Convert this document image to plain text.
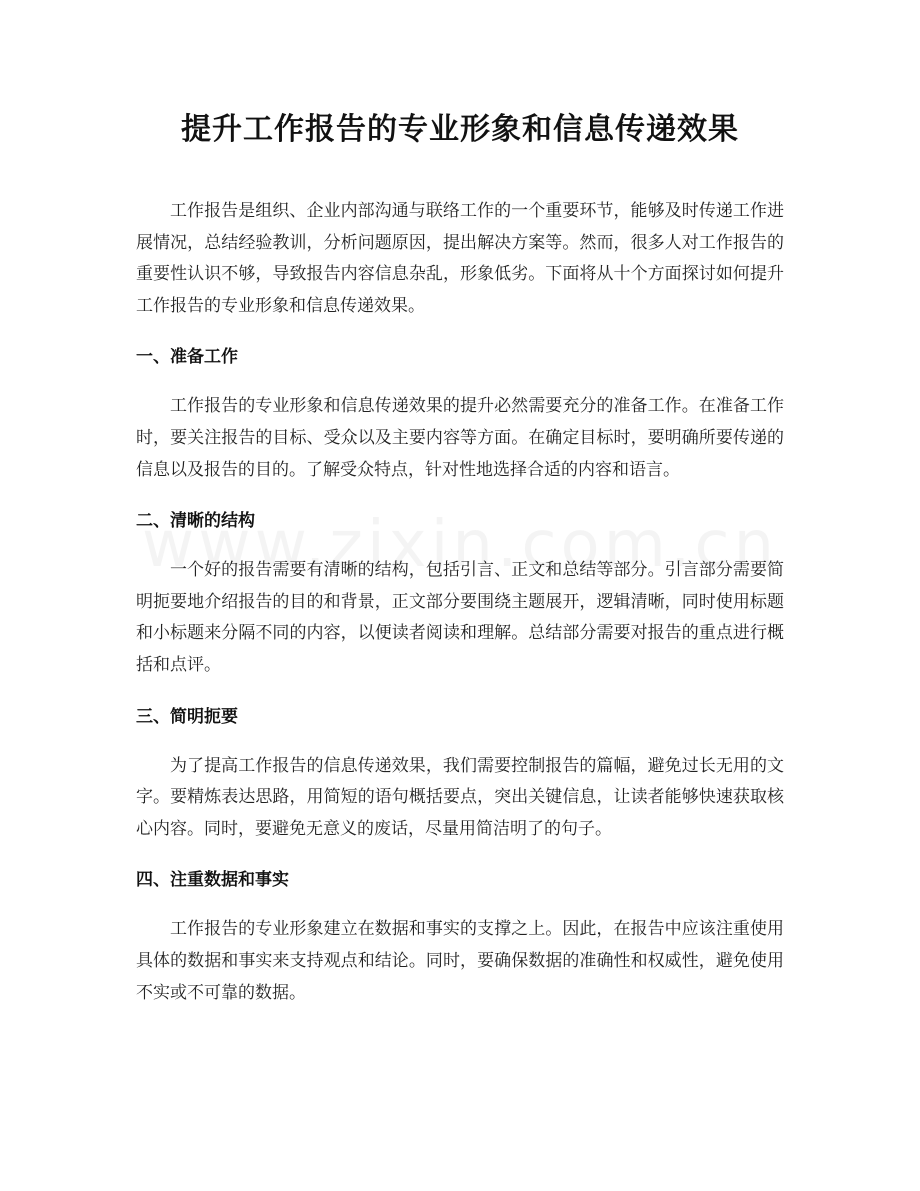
提升工作报告的专业形象和信息传递效果

工作报告是组织、企业内部沟通与联络工作的一个重要环节，能够及时传递工作进展情况，总结经验教训，分析问题原因，提出解决方案等。然而，很多人对工作报告的重要性认识不够，导致报告内容信息杂乱，形象低劣。下面将从十个方面探讨如何提升工作报告的专业形象和信息传递效果。

一、准备工作

工作报告的专业形象和信息传递效果的提升必然需要充分的准备工作。在准备工作时，要关注报告的目标、受众以及主要内容等方面。在确定目标时，要明确所要传递的信息以及报告的目的。了解受众特点，针对性地选择合适的内容和语言。

二、清晰的结构

一个好的报告需要有清晰的结构，包括引言、正文和总结等部分。引言部分需要简明扼要地介绍报告的目的和背景，正文部分要围绕主题展开，逻辑清晰，同时使用标题和小标题来分隔不同的内容，以便读者阅读和理解。总结部分需要对报告的重点进行概括和点评。

三、简明扼要

为了提高工作报告的信息传递效果，我们需要控制报告的篇幅，避免过长无用的文字。要精炼表达思路，用简短的语句概括要点，突出关键信息，让读者能够快速获取核心内容。同时，要避免无意义的废话，尽量用简洁明了的句子。

四、注重数据和事实

工作报告的专业形象建立在数据和事实的支撑之上。因此，在报告中应该注重使用具体的数据和事实来支持观点和结论。同时，要确保数据的准确性和权威性，避免使用不实或不可靠的数据。
